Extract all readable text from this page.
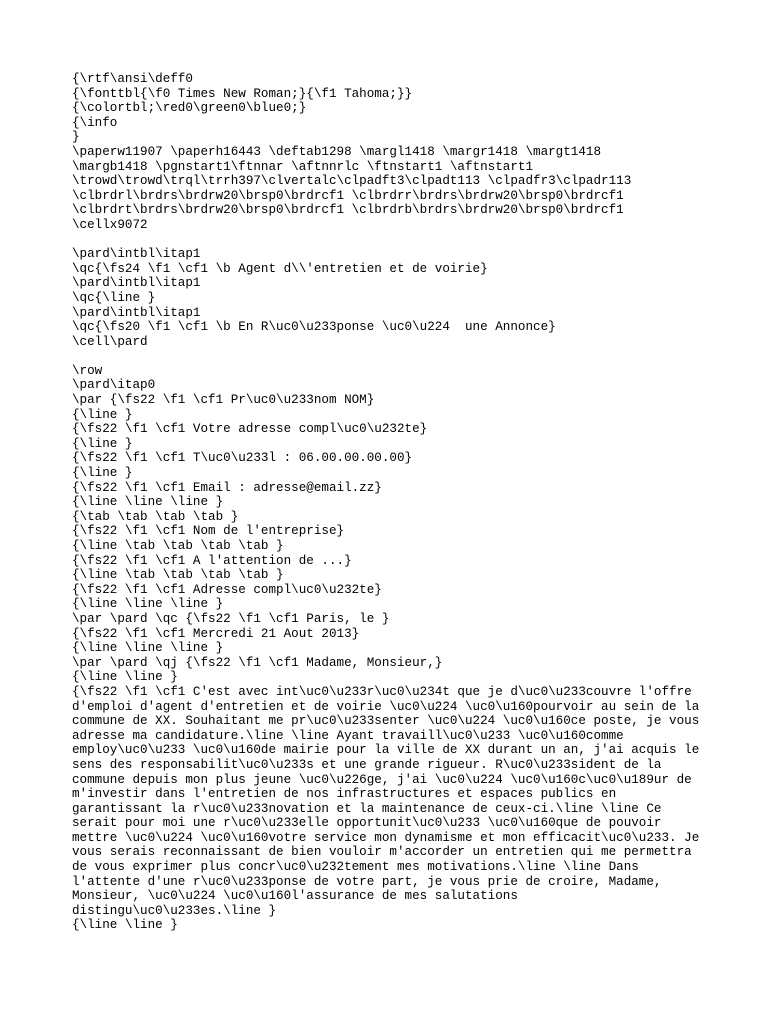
{\rtf\ansi\deff0
{\fonttbl{\f0 Times New Roman;}{\f1 Tahoma;}}
{\colortbl;\red0\green0\blue0;}
{\info
}
\paperw11907 \paperh16443 \deftab1298 \margl1418 \margr1418 \margt1418
\margb1418 \pgnstart1\ftnnar \aftnnrlc \ftnstart1 \aftnstart1
\trowd\trowd\trql\trrh397\clvertalc\clpadft3\clpadt113 \clpadfr3\clpadr113
\clbrdrl\brdrs\brdrw20\brsp0\brdrcf1 \clbrdrr\brdrs\brdrw20\brsp0\brdrcf1
\clbrdrt\brdrs\brdrw20\brsp0\brdrcf1 \clbrdrb\brdrs\brdrw20\brsp0\brdrcf1
\cellx9072
\pard\intbl\itap1
\qc{\fs24 \f1 \cf1 \b Agent d\\'entretien et de voirie}
\pard\intbl\itap1
\qc{\line }
\pard\intbl\itap1
\qc{\fs20 \f1 \cf1 \b En R\uc0\u233ponse \uc0\u224  une Annonce}
\cell\pard
\row
\pard\itap0
\par {\fs22 \f1 \cf1 Pr\uc0\u233nom NOM}
{\line }
{\fs22 \f1 \cf1 Votre adresse compl\uc0\u232te}
{\line }
{\fs22 \f1 \cf1 T\uc0\u233l : 06.00.00.00.00}
{\line }
{\fs22 \f1 \cf1 Email : adresse@email.zz}
{\line \line \line }
{\tab \tab \tab \tab }
{\fs22 \f1 \cf1 Nom de l'entreprise}
{\line \tab \tab \tab \tab }
{\fs22 \f1 \cf1 A l'attention de ...}
{\line \tab \tab \tab \tab }
{\fs22 \f1 \cf1 Adresse compl\uc0\u232te}
{\line \line \line }
\par \pard \qc {\fs22 \f1 \cf1 Paris, le }
{\fs22 \f1 \cf1 Mercredi 21 Aout 2013}
{\line \line \line }
\par \pard \qj {\fs22 \f1 \cf1 Madame, Monsieur,}
{\line \line }
{\fs22 \f1 \cf1 C'est avec int\uc0\u233r\uc0\u234t que je d\uc0\u233couvre l'offre
d'emploi d'agent d'entretien et de voirie \uc0\u224 \uc0\u160pourvoir au sein de la
commune de XX. Souhaitant me pr\uc0\u233senter \uc0\u224 \uc0\u160ce poste, je vous
adresse ma candidature.\line \line Ayant travaill\uc0\u233 \uc0\u160comme
employ\uc0\u233 \uc0\u160de mairie pour la ville de XX durant un an, j'ai acquis le
sens des responsabilit\uc0\u233s et une grande rigueur. R\uc0\u233sident de la
commune depuis mon plus jeune \uc0\u226ge, j'ai \uc0\u224 \uc0\u160c\uc0\u189ur de
m'investir dans l'entretien de nos infrastructures et espaces publics en
garantissant la r\uc0\u233novation et la maintenance de ceux-ci.\line \line Ce
serait pour moi une r\uc0\u233elle opportunit\uc0\u233 \uc0\u160que de pouvoir
mettre \uc0\u224 \uc0\u160votre service mon dynamisme et mon efficacit\uc0\u233. Je
vous serais reconnaissant de bien vouloir m'accorder un entretien qui me permettra
de vous exprimer plus concr\uc0\u232tement mes motivations.\line \line Dans
l'attente d'une r\uc0\u233ponse de votre part, je vous prie de croire, Madame,
Monsieur, \uc0\u224 \uc0\u160l'assurance de mes salutations
distingu\uc0\u233es.\line }
{\line \line }
